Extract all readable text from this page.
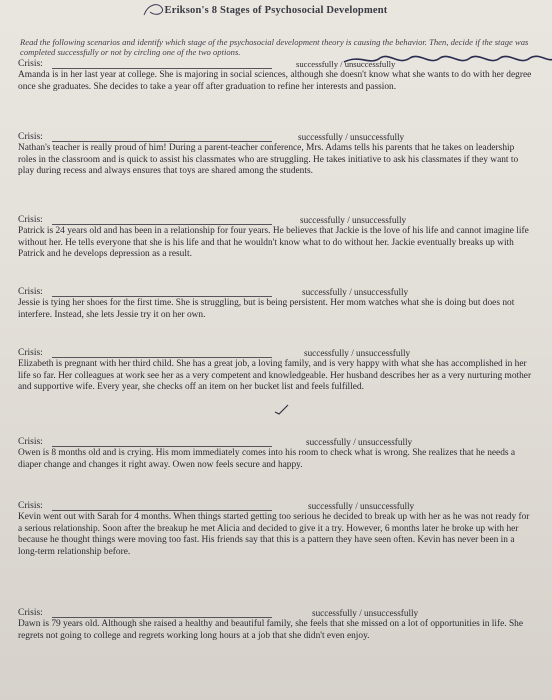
Erikson's 8 Stages of Psychosocial Development

Read the following scenarios and identify which stage of the psychosocial development theory is causing the behavior. Then, decide if the stage was completed successfully or not by circling one of the two options.

Crisis:	successfully / unsuccessfully

Amanda is in her last year at college. She is majoring in social sciences, although she doesn't know what she wants to do with her degree once she graduates. She decides to take a year off after graduation to refine her interests and passion.

Crisis:	successfully / unsuccessfully

Nathan's teacher is really proud of him! During a parent-teacher conference, Mrs. Adams tells his parents that he takes on leadership roles in the classroom and is quick to assist his classmates who are struggling. He takes initiative to ask his classmates if they want to play during recess and always ensures that toys are shared among the students.

Crisis:	successfully / unsuccessfully

Patrick is 24 years old and has been in a relationship for four years. He believes that Jackie is the love of his life and cannot imagine life without her. He tells everyone that she is his life and that he wouldn't know what to do without her. Jackie eventually breaks up with Patrick and he develops depression as a result.

Crisis:	successfully / unsuccessfully

Jessie is tying her shoes for the first time. She is struggling, but is being persistent. Her mom watches what she is doing but does not interfere. Instead, she lets Jessie try it on her own.

Crisis:	successfully / unsuccessfully

Elizabeth is pregnant with her third child. She has a great job, a loving family, and is very happy with what she has accomplished in her life so far. Her colleagues at work see her as a very competent and knowledgeable. Her husband describes her as a very nurturing mother and supportive wife. Every year, she checks off an item on her bucket list and feels fulfilled.

Crisis:	successfully / unsuccessfully

Owen is 8 months old and is crying. His mom immediately comes into his room to check what is wrong. She realizes that he needs a diaper change and changes it right away. Owen now feels secure and happy.

Crisis:	successfully / unsuccessfully

Kevin went out with Sarah for 4 months. When things started getting too serious he decided to break up with her as he was not ready for a serious relationship. Soon after the breakup he met Alicia and decided to give it a try. However, 6 months later he broke up with her because he thought things were moving too fast. His friends say that this is a pattern they have seen often. Kevin has never been in a long-term relationship before.

Crisis:	successfully / unsuccessfully

Dawn is 79 years old. Although she raised a healthy and beautiful family, she feels that she missed on a lot of opportunities in life. She regrets not going to college and regrets working long hours at a job that she didn't even enjoy.
